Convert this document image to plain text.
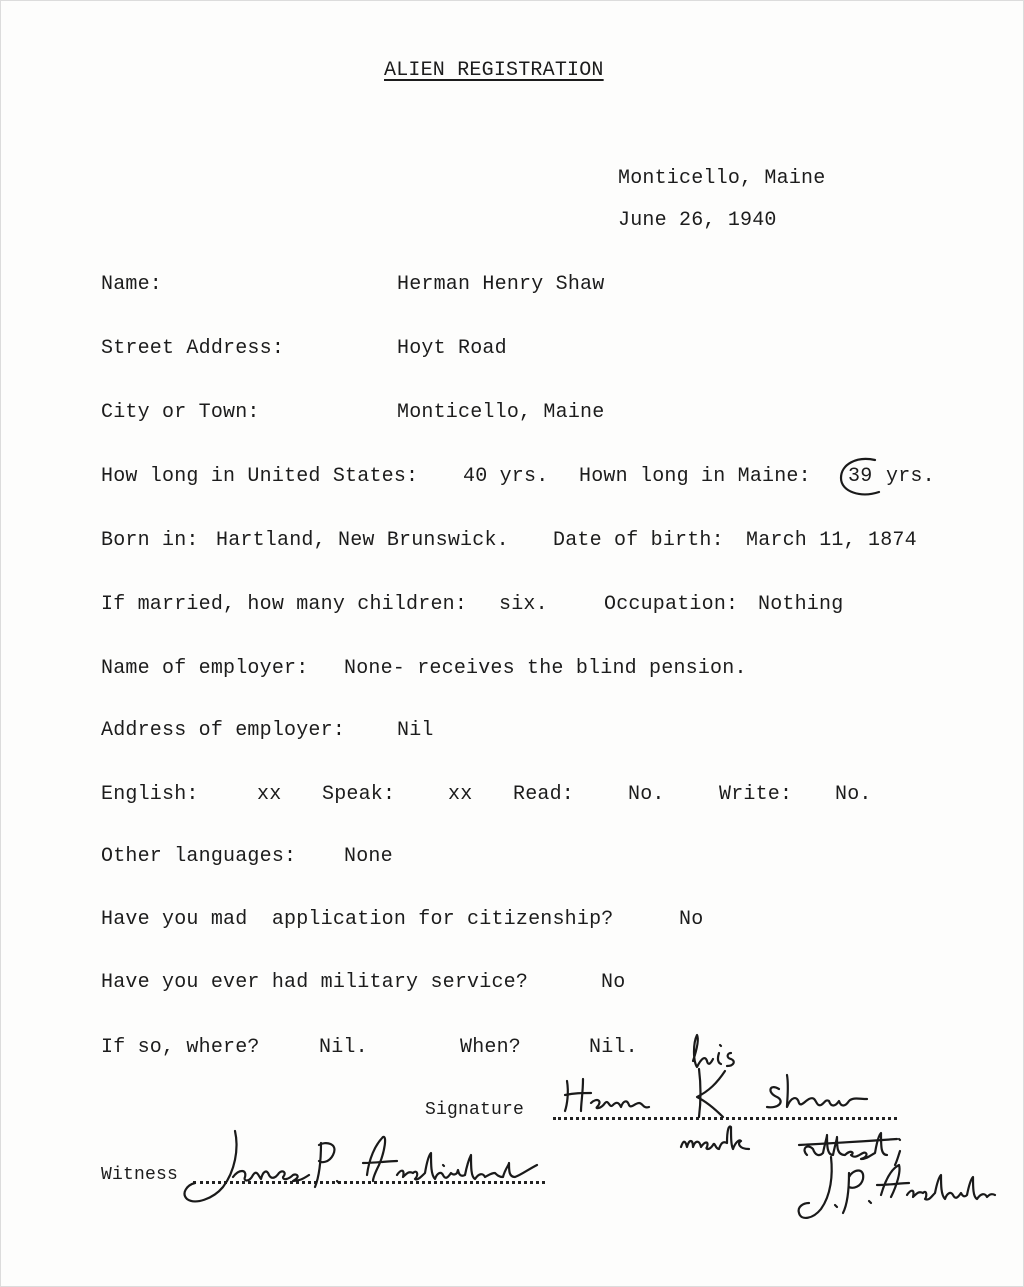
ALIEN REGISTRATION
Monticello, Maine
June 26, 1940
Name:	Herman Henry Shaw
Street Address:	Hoyt Road
City or Town:	Monticello, Maine
How long in United States: 40 yrs. Hown long in Maine: 39 yrs.
Born in: Hartland, New Brunswick. Date of birth: March 11, 1874
If married, how many children: six.	Occupation: Nothing
Name of employer: None- receives the blind pension.
Address of employer:	Nil
English:	xx Speak:	xx Read:	No.	Write: No.
Other languages: None
Have you mad  application for citizenship?	No
Have you ever had military service?	No
If so, where?	Nil.	When?	Nil.
Signature
Witness
